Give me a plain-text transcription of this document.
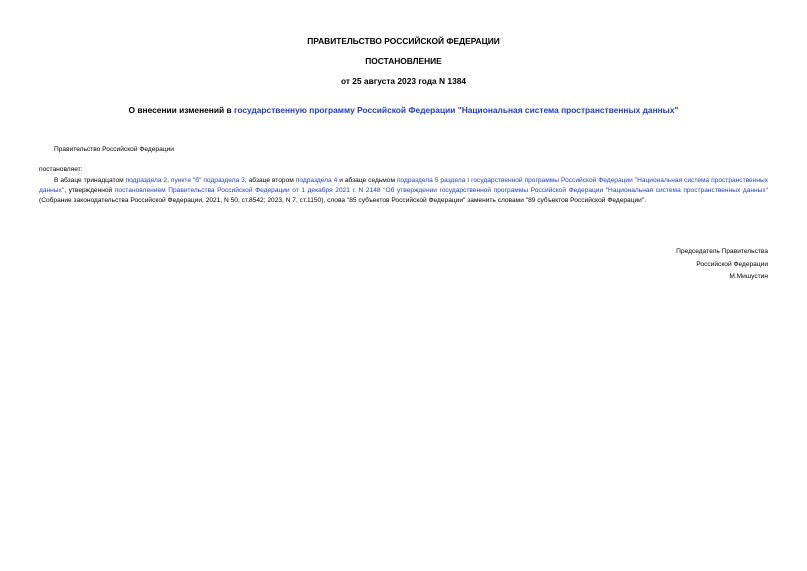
ПРАВИТЕЛЬСТВО РОССИЙСКОЙ ФЕДЕРАЦИИ
ПОСТАНОВЛЕНИЕ
от 25 августа 2023 года N 1384
О внесении изменений в государственную программу Российской Федерации "Национальная система пространственных данных"
Правительство Российской Федерации
постановляет:
В абзаце тринадцатом подраздела 2, пункте "б" подраздела 3, абзаце втором подраздела 4 и абзаце седьмом подраздела 5 раздела I государственной программы Российской Федерации "Национальная система пространственных данных", утвержденной постановлением Правительства Российской Федерации от 1 декабря 2021 г. N 2148 "Об утверждении государственной программы Российской Федерации "Национальная система пространственных данных" (Собрание законодательства Российской Федерации, 2021, N 50, ст.8542; 2023, N 7, ст.1150), слова "85 субъектов Российской Федерации" заменить словами "89 субъектов Российской Федерации".
Председатель Правительства
Российской Федерации
М.Мишустин
